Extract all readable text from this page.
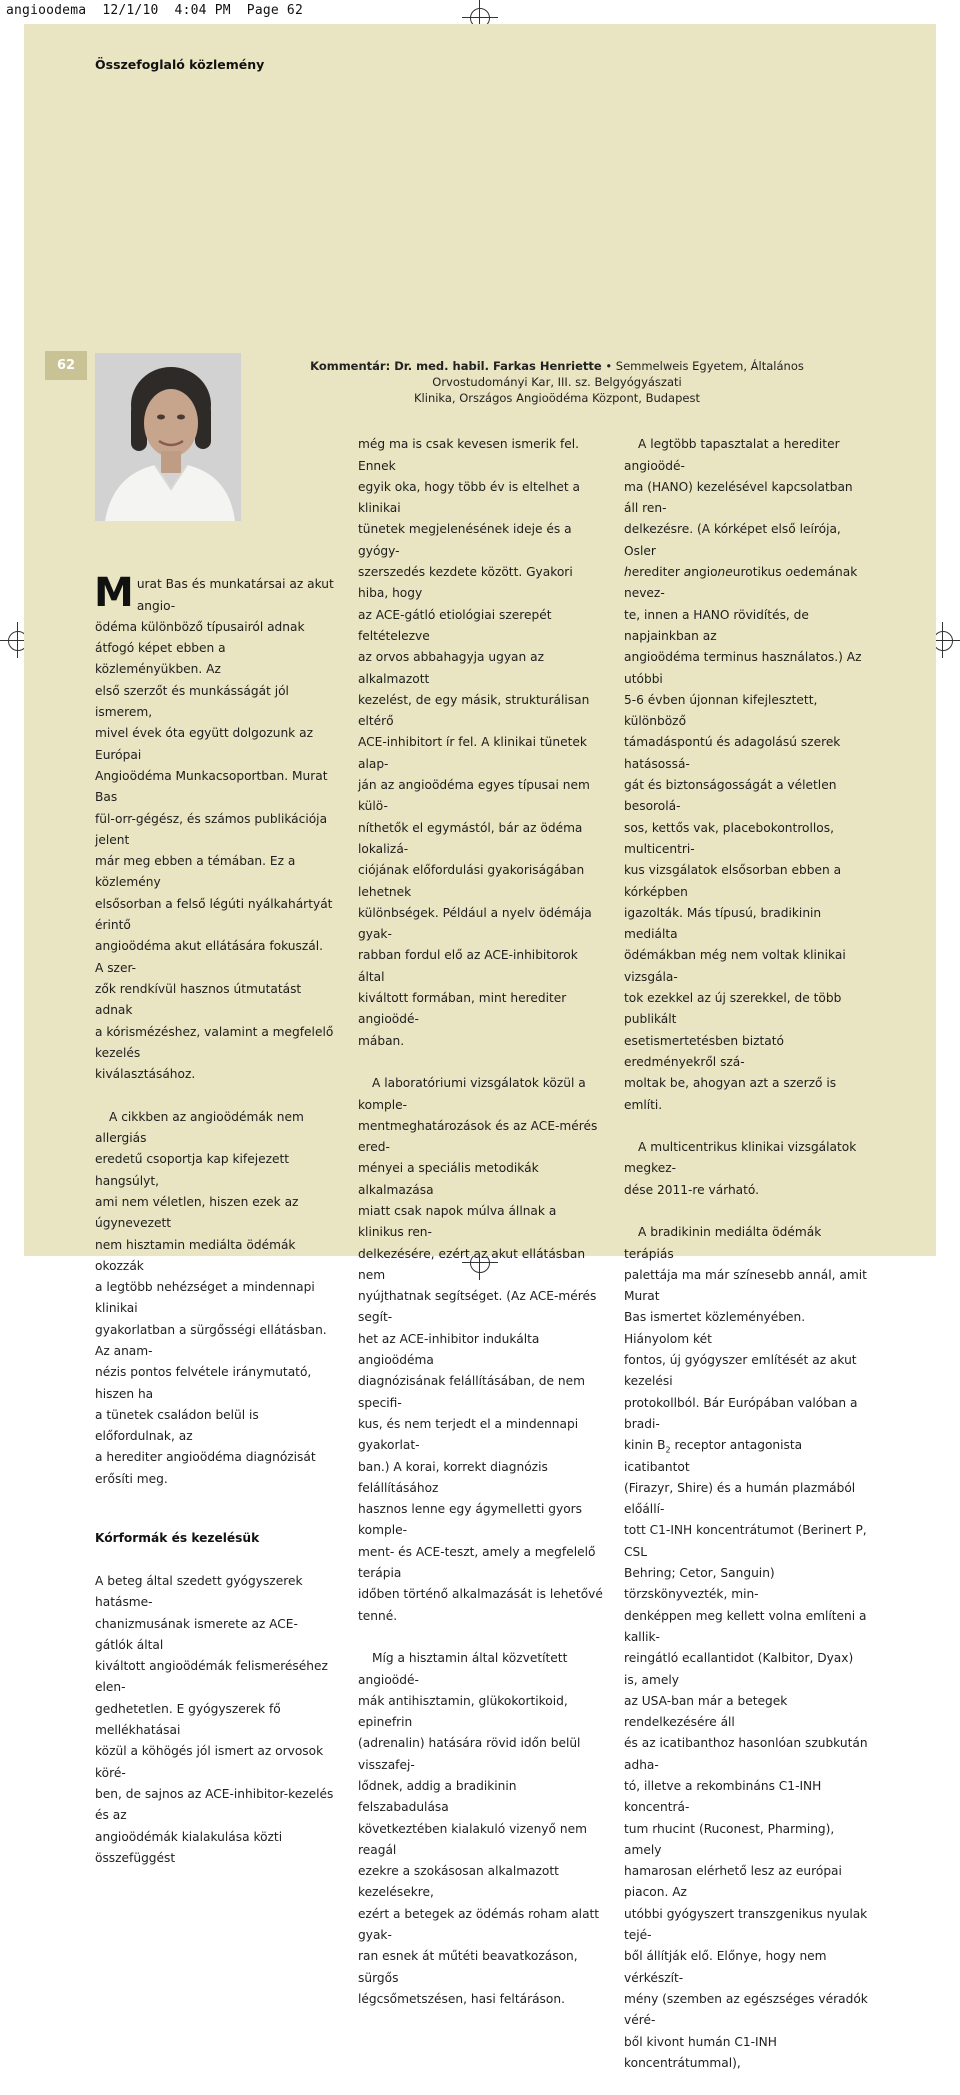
angioodema  12/1/10  4:04 PM  Page 62
Összefoglaló közlemény
62	Kommentár: Dr. med. habil. Farkas Henriette • Semmelweis Egyetem, Általános Orvostudományi Kar, III. sz. Belgyógyászati
Klinika, Országos Angioödéma Központ, Budapest

Murat Bas és munkatársai az akut angio-
ödéma különböző típusairól adnak
átfogó képet ebben a közleményükben. Az
első szerzőt és munkásságát jól ismerem,
mivel évek óta együtt dolgozunk az Európai
Angioödéma Munkacsoportban. Murat Bas
fül-orr-gégész, és számos publikációja jelent
már meg ebben a témában. Ez a közlemény
elsősorban a felső légúti nyálkahártyát érintő
angioödéma akut ellátására fokuszál. A szer-
zők rendkívül hasznos útmutatást adnak
a kórismézéshez, valamint a megfelelő kezelés
kiválasztásához.

A cikkben az angioödémák nem allergiás
eredetű csoportja kap kifejezett hangsúlyt,
ami nem véletlen, hiszen ezek az úgynevezett
nem hisztamin mediálta ödémák okozzák
a legtöbb nehézséget a mindennapi klinikai
gyakorlatban a sürgősségi ellátásban. Az anam-
nézis pontos felvétele iránymutató, hiszen ha
a tünetek családon belül is előfordulnak, az
a herediter angioödéma diagnózisát erősíti meg.

Kórformák és kezelésük

A beteg által szedett gyógyszerek hatásme-
chanizmusának ismerete az ACE-gátlók által
kiváltott angioödémák felismeréséhez elen-
gedhetetlen. E gyógyszerek fő mellékhatásai
közül a köhögés jól ismert az orvosok köré-
ben, de sajnos az ACE-inhibitor-kezelés és az
angioödémák kialakulása közti összefüggést

még ma is csak kevesen ismerik fel. Ennek
egyik oka, hogy több év is eltelhet a klinikai
tünetek megjelenésének ideje és a gyógy-
szerszedés kezdete között. Gyakori hiba, hogy
az ACE-gátló etiológiai szerepét feltételezve
az orvos abbahagyja ugyan az alkalmazott
kezelést, de egy másik, strukturálisan eltérő
ACE-inhibitort ír fel. A klinikai tünetek alap-
ján az angioödéma egyes típusai nem külö-
níthetők el egymástól, bár az ödéma lokalizá-
ciójának előfordulási gyakoriságában lehetnek
különbségek. Például a nyelv ödémája gyak-
rabban fordul elő az ACE-inhibitorok által
kiváltott formában, mint herediter angioödé-
mában.

A laboratóriumi vizsgálatok közül a komple-
mentmeghatározások és az ACE-mérés ered-
ményei a speciális metodikák alkalmazása
miatt csak napok múlva állnak a klinikus ren-
delkezésére, ezért az akut ellátásban nem
nyújthatnak segítséget. (Az ACE-mérés segít-
het az ACE-inhibitor indukálta angioödéma
diagnózisának felállításában, de nem specifi-
kus, és nem terjedt el a mindennapi gyakorlat-
ban.) A korai, korrekt diagnózis felállításához
hasznos lenne egy ágymelletti gyors komple-
ment- és ACE-teszt, amely a megfelelő terápia
időben történő alkalmazását is lehetővé
tenné.

Míg a hisztamin által közvetített angioödé-
mák antihisztamin, glükokortikoid, epinefrin
(adrenalin) hatására rövid időn belül visszafej-
lődnek, addig a bradikinin felszabadulása
következtében kialakuló vizenyő nem reagál
ezekre a szokásosan alkalmazott kezelésekre,
ezért a betegek az ödémás roham alatt gyak-
ran esnek át műtéti beavatkozáson, sürgős
légcsőmetszésen, hasi feltáráson.

A legtöbb tapasztalat a herediter angioödé-
ma (HANO) kezelésével kapcsolatban áll ren-
delkezésre. (A kórképet első leírója, Osler
herediter angioneurotikus oedemának nevez-
te, innen a HANO rövidítés, de napjainkban az
angioödéma terminus használatos.) Az utóbbi
5-6 évben újonnan kifejlesztett, különböző
támadáspontú és adagolású szerek hatásossá-
gát és biztonságosságát a véletlen besorolá-
sos, kettős vak, placebokontrollos, multicentri-
kus vizsgálatok elsősorban ebben a kórképben
igazolták. Más típusú, bradikinin mediálta
ödémákban még nem voltak klinikai vizsgála-
tok ezekkel az új szerekkel, de több publikált
esetismertetésben biztató eredményekről szá-
moltak be, ahogyan azt a szerző is említi.

A multicentrikus klinikai vizsgálatok megkez-
dése 2011-re várható.

A bradikinin mediálta ödémák terápiás
palettája ma már színesebb annál, amit Murat
Bas ismertet közleményében. Hiányolom két
fontos, új gyógyszer említését az akut kezelési
protokollból. Bár Európában valóban a bradi-
kinin $B_2$ receptor antagonista icatibantot
(Firazyr, Shire) és a humán plazmából előállí-
tott C1-INH koncentrátumot (Berinert P, CSL
Behring; Cetor, Sanguin) törzskönyvezték, min-
denképpen meg kellett volna említeni a kallik-
reingátló ecallantidot (Kalbitor, Dyax) is, amely
az USA-ban már a betegek rendelkezésére áll
és az icatibanthoz hasonlóan szubkután adha-
tó, illetve a rekombináns C1-INH koncentrá-
tum rhucint (Ruconest, Pharming), amely
hamarosan elérhető lesz az európai piacon. Az
utóbbi gyógyszert transzgenikus nyulak tejé-
ből állítják elő. Előnye, hogy nem vérkészít-
mény (szemben az egészséges véradók véré-
ből kivont humán C1-INH koncentrátummal),
